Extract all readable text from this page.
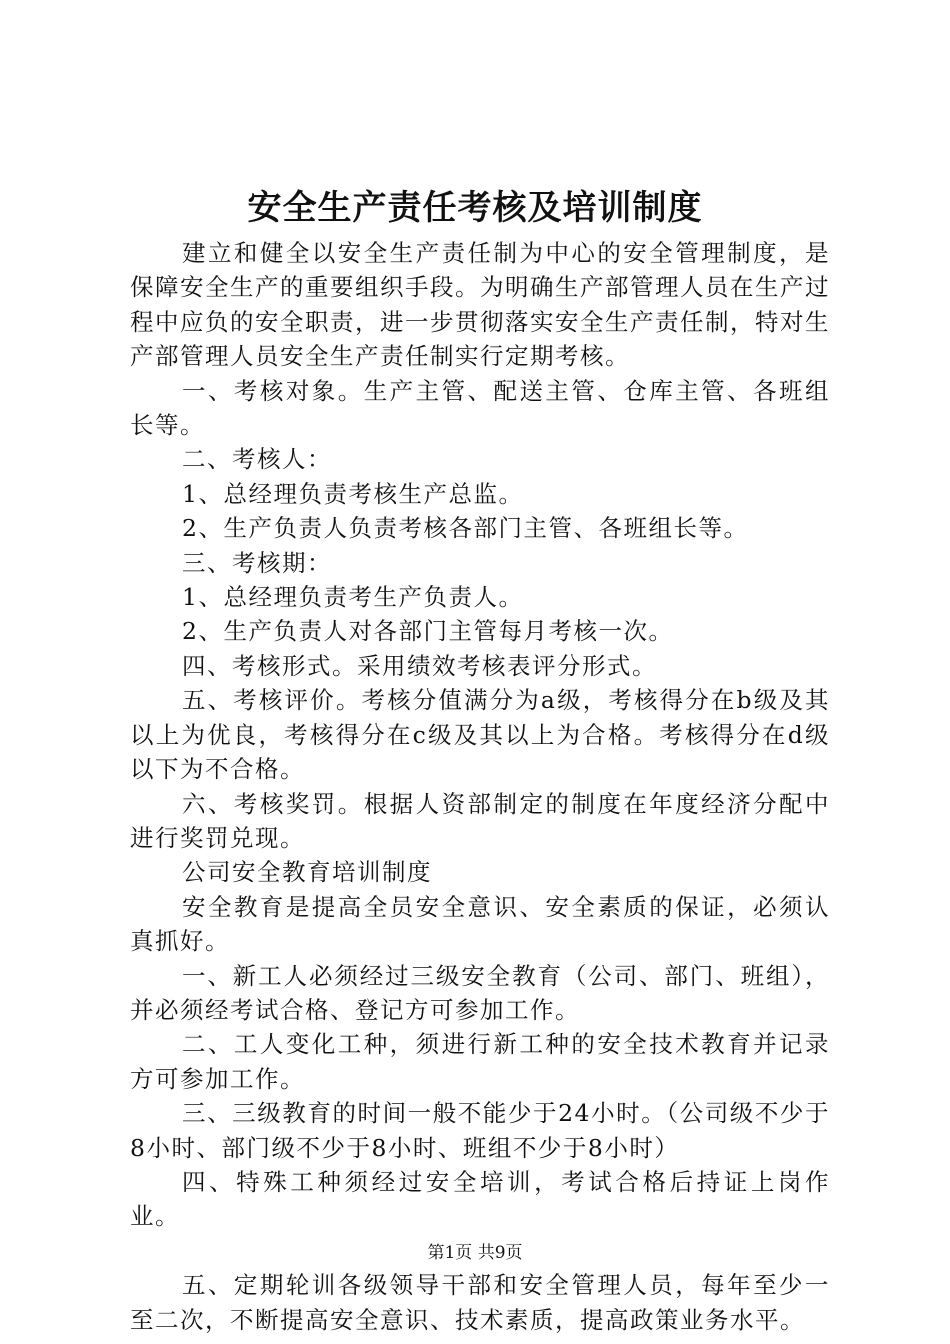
安全生产责任考核及培训制度

建立和健全以安全生产责任制为中心的安全管理制度，是保障安全生产的重要组织手段。为明确生产部管理人员在生产过程中应负的安全职责，进一步贯彻落实安全生产责任制，特对生产部管理人员安全生产责任制实行定期考核。

一、考核对象。生产主管、配送主管、仓库主管、各班组长等。

二、考核人：

1、总经理负责考核生产总监。

2、生产负责人负责考核各部门主管、各班组长等。

三、考核期：

1、总经理负责考生产负责人。

2、生产负责人对各部门主管每月考核一次。

四、考核形式。采用绩效考核表评分形式。

五、考核评价。考核分值满分为a级，考核得分在b级及其以上为优良，考核得分在c级及其以上为合格。考核得分在d级以下为不合格。

六、考核奖罚。根据人资部制定的制度在年度经济分配中进行奖罚兑现。

公司安全教育培训制度

安全教育是提高全员安全意识、安全素质的保证，必须认真抓好。

一、新工人必须经过三级安全教育（公司、部门、班组），并必须经考试合格、登记方可参加工作。

二、工人变化工种，须进行新工种的安全技术教育并记录方可参加工作。

三、三级教育的时间一般不能少于24小时。（公司级不少于8小时、部门级不少于8小时、班组不少于8小时）

四、特殊工种须经过安全培训，考试合格后持证上岗作业。

五、定期轮训各级领导干部和安全管理人员，每年至少一至二次，不断提高安全意识、技术素质，提高政策业务水平。

第1页 共9页
